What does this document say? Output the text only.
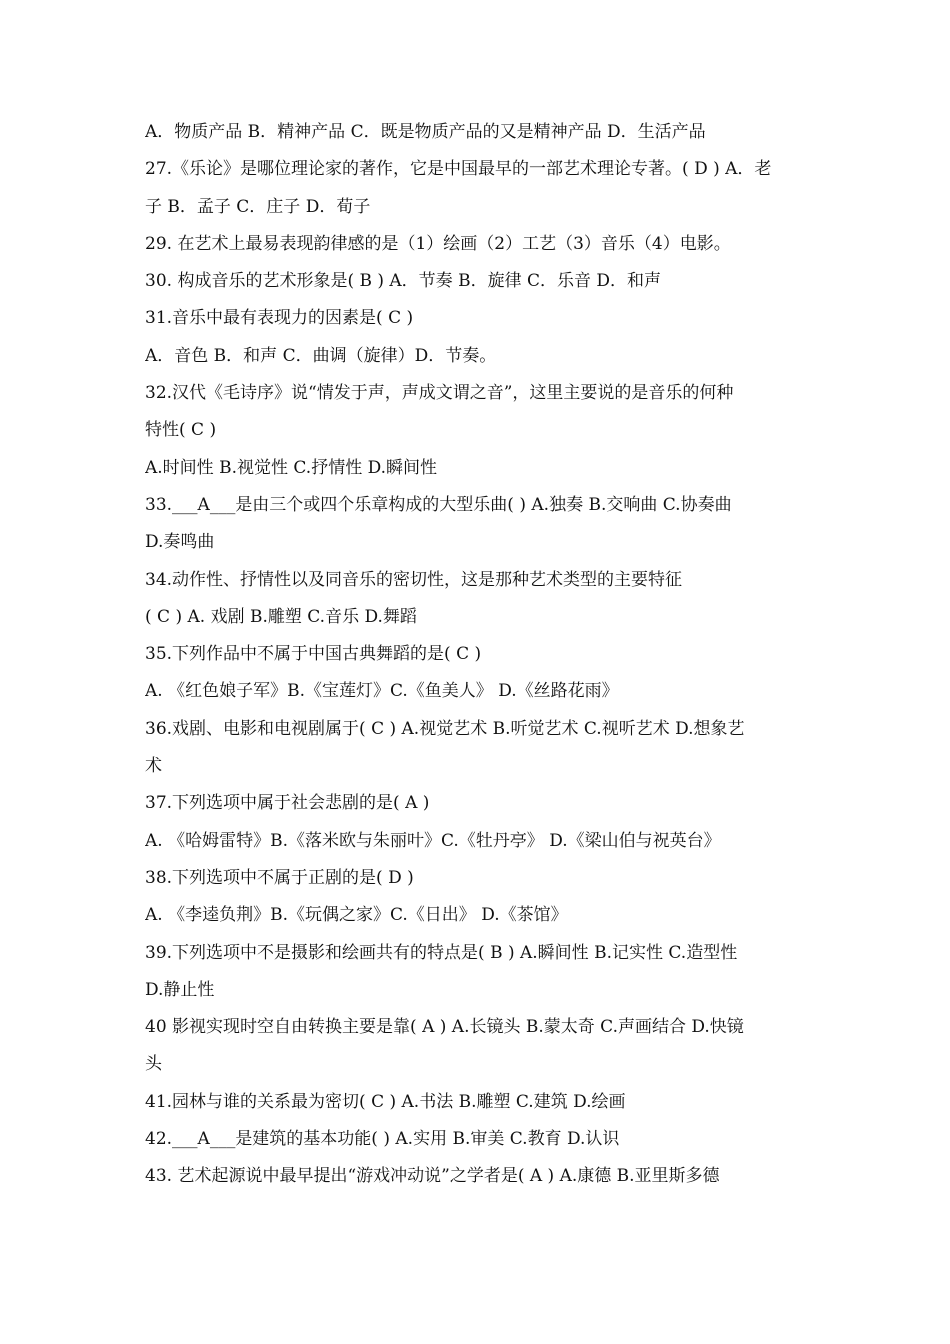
A．物质产品 B．精神产品 C．既是物质产品的又是精神产品 D．生活产品
27.《乐论》是哪位理论家的著作，它是中国最早的一部艺术理论专著。( D ) A．老
子 B．孟子 C．庄子 D．荀子
29. 在艺术上最易表现韵律感的是（1）绘画（2）工艺（3）音乐（4）电影。
30. 构成音乐的艺术形象是( B ) A．节奏 B．旋律 C．乐音 D．和声
31.音乐中最有表现力的因素是( C )
A．音色 B．和声 C．曲调（旋律）D．节奏。
32.汉代《毛诗序》说“情发于声，声成文谓之音”，这里主要说的是音乐的何种
特性( C )
A.时间性 B.视觉性 C.抒情性 D.瞬间性
33.___A___是由三个或四个乐章构成的大型乐曲( ) A.独奏 B.交响曲 C.协奏曲
D.奏鸣曲
34.动作性、抒情性以及同音乐的密切性，这是那种艺术类型的主要特征
( C ) A. 戏剧 B.雕塑 C.音乐 D.舞蹈
35.下列作品中不属于中国古典舞蹈的是( C )
A. 《红色娘子军》B.《宝莲灯》C.《鱼美人》 D.《丝路花雨》
36.戏剧、电影和电视剧属于( C ) A.视觉艺术 B.听觉艺术 C.视听艺术 D.想象艺
术
37.下列选项中属于社会悲剧的是( A )
A. 《哈姆雷特》B.《落米欧与朱丽叶》C.《牡丹亭》 D.《梁山伯与祝英台》
38.下列选项中不属于正剧的是( D )
A. 《李逵负荆》B.《玩偶之家》C.《日出》 D.《茶馆》
39.下列选项中不是摄影和绘画共有的特点是( B ) A.瞬间性 B.记实性 C.造型性
D.静止性
40 影视实现时空自由转换主要是靠( A ) A.长镜头 B.蒙太奇 C.声画结合 D.快镜
头
41.园林与谁的关系最为密切( C ) A.书法 B.雕塑 C.建筑 D.绘画
42.___A___是建筑的基本功能( ) A.实用 B.审美 C.教育 D.认识
43. 艺术起源说中最早提出“游戏冲动说”之学者是( A ) A.康德 B.亚里斯多德
